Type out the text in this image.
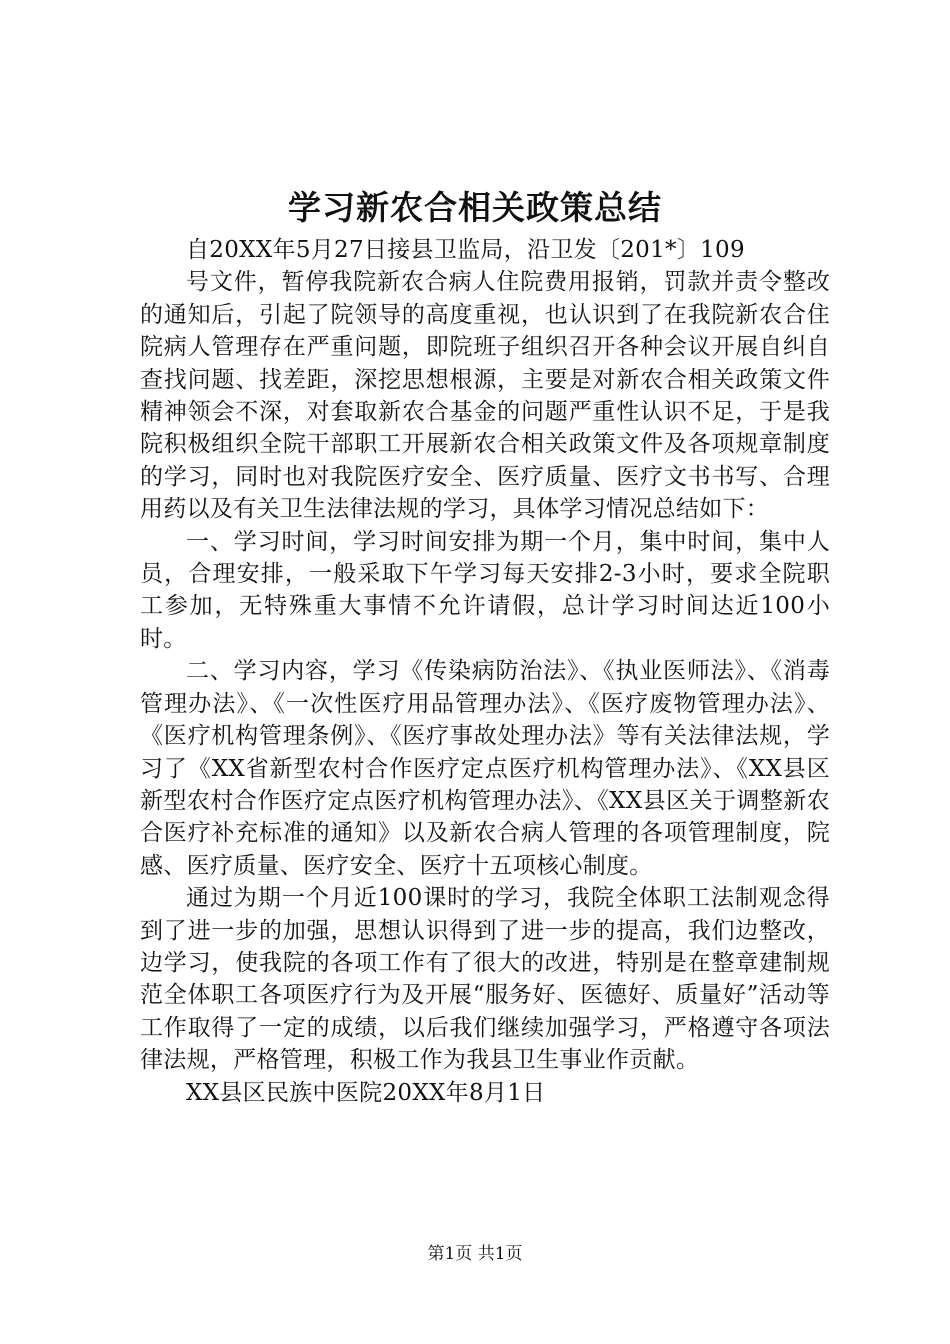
学习新农合相关政策总结

自20XX年5月27日接县卫监局，沿卫发〔201*〕109

号文件，暂停我院新农合病人住院费用报销，罚款并责令整改的通知后，引起了院领导的高度重视，也认识到了在我院新农合住院病人管理存在严重问题，即院班子组织召开各种会议开展自纠自查找问题、找差距，深挖思想根源，主要是对新农合相关政策文件精神领会不深，对套取新农合基金的问题严重性认识不足，于是我院积极组织全院干部职工开展新农合相关政策文件及各项规章制度的学习，同时也对我院医疗安全、医疗质量、医疗文书书写、合理用药以及有关卫生法律法规的学习，具体学习情况总结如下：

一、学习时间，学习时间安排为期一个月，集中时间，集中人员，合理安排，一般采取下午学习每天安排2-3小时，要求全院职工参加，无特殊重大事情不允许请假，总计学习时间达近100小时。

二、学习内容，学习《传染病防治法》、《执业医师法》、《消毒管理办法》、《一次性医疗用品管理办法》、《医疗废物管理办法》、《医疗机构管理条例》、《医疗事故处理办法》等有关法律法规，学习了《XX省新型农村合作医疗定点医疗机构管理办法》、《XX县区新型农村合作医疗定点医疗机构管理办法》、《XX县区关于调整新农合医疗补充标准的通知》以及新农合病人管理的各项管理制度，院感、医疗质量、医疗安全、医疗十五项核心制度。

通过为期一个月近100课时的学习，我院全体职工法制观念得到了进一步的加强，思想认识得到了进一步的提高，我们边整改，边学习，使我院的各项工作有了很大的改进，特别是在整章建制规范全体职工各项医疗行为及开展“服务好、医德好、质量好”活动等工作取得了一定的成绩，以后我们继续加强学习，严格遵守各项法律法规，严格管理，积极工作为我县卫生事业作贡献。

XX县区民族中医院20XX年8月1日

第1页 共1页
